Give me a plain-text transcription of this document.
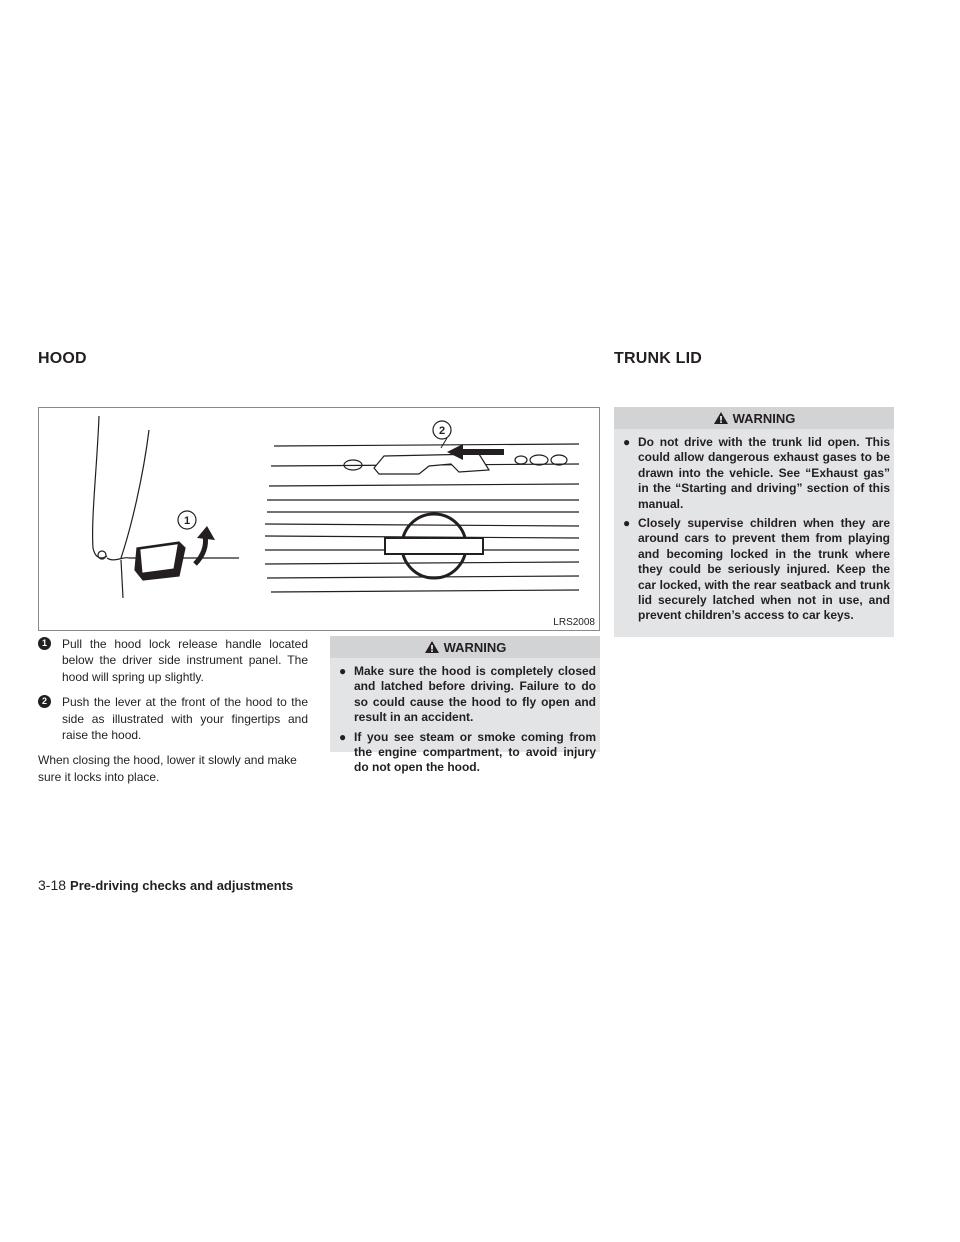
HOOD	TRUNK LID
1
2
LRS2008
1	Pull the hood lock release handle located below the driver side instrument panel. The hood will spring up slightly.
2	Push the lever at the front of the hood to the side as illustrated with your fingertips and raise the hood.
When closing the hood, lower it slowly and make sure it locks into place.
WARNING
● Make sure the hood is completely closed and latched before driving. Failure to do so could cause the hood to fly open and result in an accident.
● If you see steam or smoke coming from the engine compartment, to avoid injury do not open the hood.
WARNING
● Do not drive with the trunk lid open. This could allow dangerous exhaust gases to be drawn into the vehicle. See “Exhaust gas” in the “Starting and driving” section of this manual.
● Closely supervise children when they are around cars to prevent them from playing and becoming locked in the trunk where they could be seriously injured. Keep the car locked, with the rear seatback and trunk lid securely latched when not in use, and prevent children’s access to car keys.
3-18 Pre-driving checks and adjustments
